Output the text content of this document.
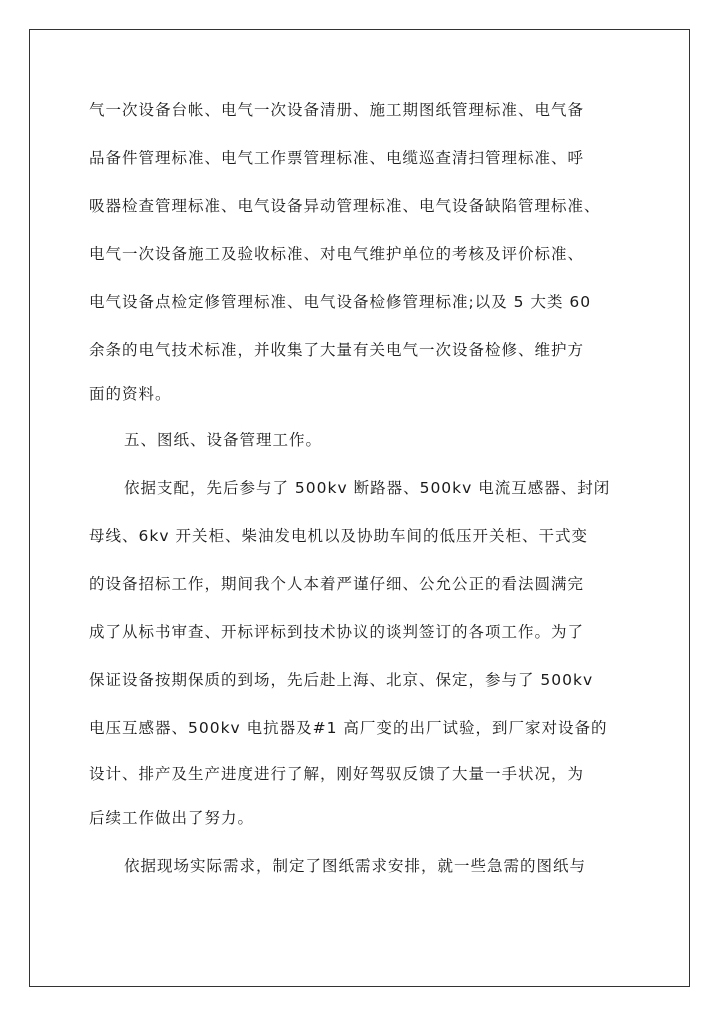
气一次设备台帐、电气一次设备清册、施工期图纸管理标准、电气备
品备件管理标准、电气工作票管理标准、电缆巡查清扫管理标准、呼
吸器检查管理标准、电气设备异动管理标准、电气设备缺陷管理标准、
电气一次设备施工及验收标准、对电气维护单位的考核及评价标准、
电气设备点检定修管理标准、电气设备检修管理标准;以及 5 大类 60
余条的电气技术标准，并收集了大量有关电气一次设备检修、维护方
面的资料。
五、图纸、设备管理工作。
依据支配，先后参与了 500kv 断路器、500kv 电流互感器、封闭
母线、6kv 开关柜、柴油发电机以及协助车间的低压开关柜、干式变
的设备招标工作，期间我个人本着严谨仔细、公允公正的看法圆满完
成了从标书审查、开标评标到技术协议的谈判签订的各项工作。为了
保证设备按期保质的到场，先后赴上海、北京、保定，参与了 500kv
电压互感器、500kv 电抗器及#1 高厂变的出厂试验，到厂家对设备的
设计、排产及生产进度进行了解，刚好驾驭反馈了大量一手状况，为
后续工作做出了努力。
依据现场实际需求，制定了图纸需求安排，就一些急需的图纸与
